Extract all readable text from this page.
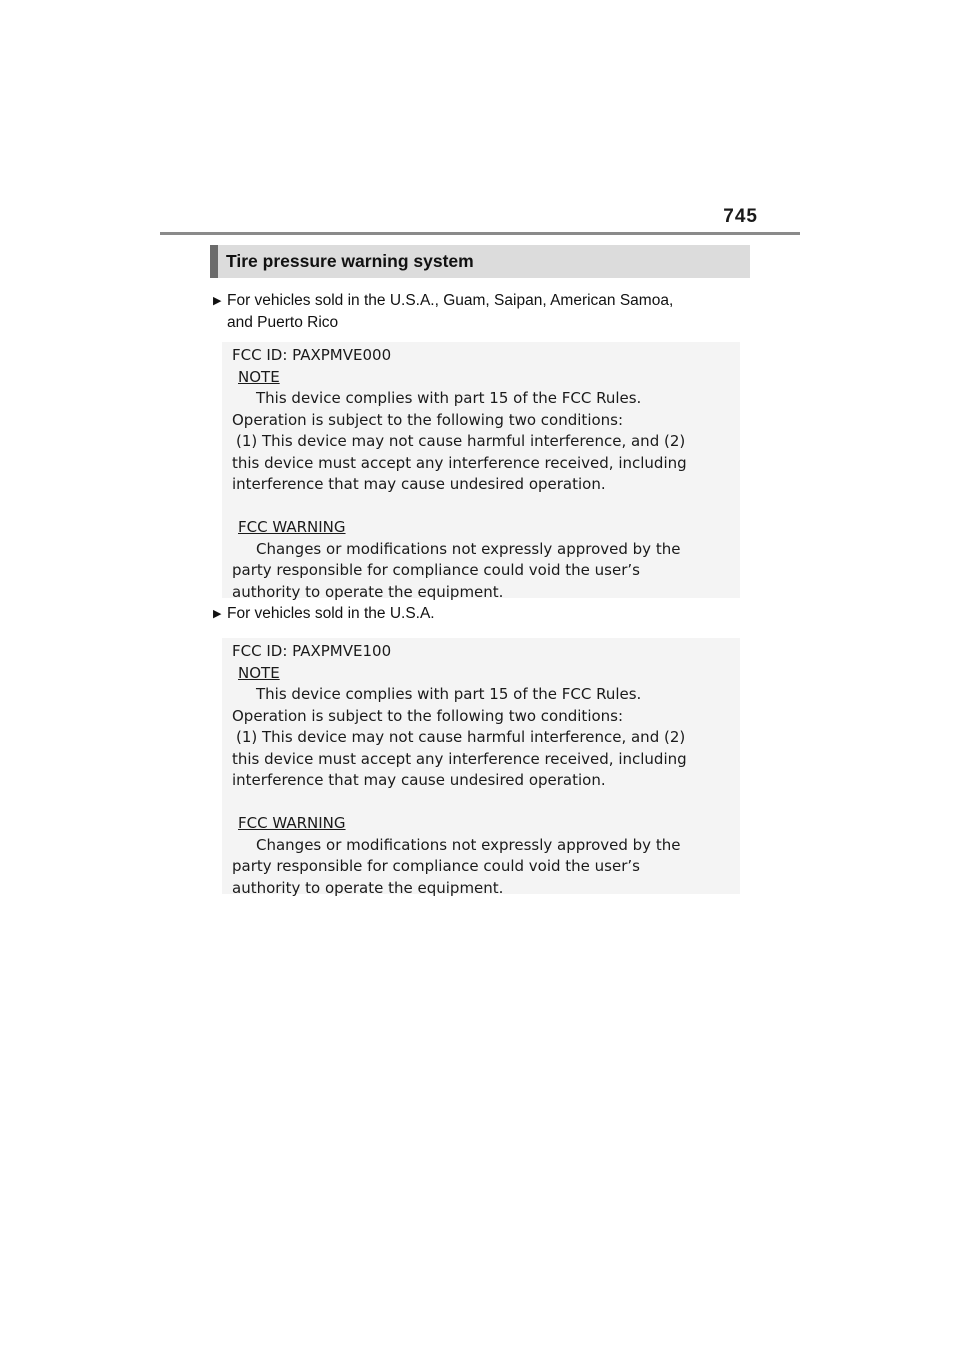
745
Tire pressure warning system
▶ For vehicles sold in the U.S.A., Guam, Saipan, American Samoa,
and Puerto Rico
FCC ID: PAXPMVE000
NOTE
This device complies with part 15 of the FCC Rules.
Operation is subject to the following two conditions:
(1) This device may not cause harmful interference, and (2)
this device must accept any interference received, including
interference that may cause undesired operation.
FCC WARNING
Changes or modifications not expressly approved by the
party responsible for compliance could void the user’s
authority to operate the equipment.
▶ For vehicles sold in the U.S.A.
FCC ID: PAXPMVE100
NOTE
This device complies with part 15 of the FCC Rules.
Operation is subject to the following two conditions:
(1) This device may not cause harmful interference, and (2)
this device must accept any interference received, including
interference that may cause undesired operation.
FCC WARNING
Changes or modifications not expressly approved by the
party responsible for compliance could void the user’s
authority to operate the equipment.
